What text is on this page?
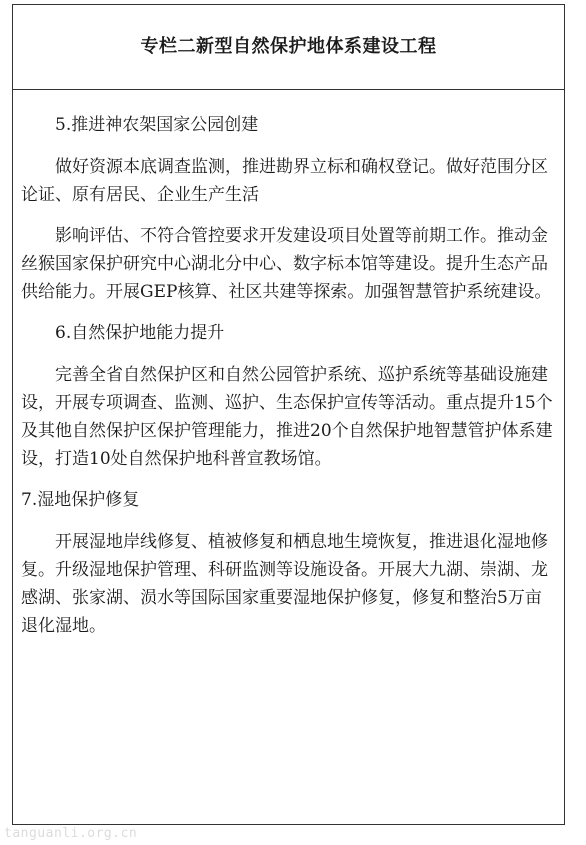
专栏二新型自然保护地体系建设工程

5.推进神农架国家公园创建

做好资源本底调查监测，推进勘界立标和确权登记。做好范围分区论证、原有居民、企业生产生活

影响评估、不符合管控要求开发建设项目处置等前期工作。推动金丝猴国家保护研究中心湖北分中心、数字标本馆等建设。提升生态产品供给能力。开展GEP核算、社区共建等探索。加强智慧管护系统建设。

6.自然保护地能力提升

完善全省自然保护区和自然公园管护系统、巡护系统等基础设施建设，开展专项调查、监测、巡护、生态保护宣传等活动。重点提升15个及其他自然保护区保护管理能力，推进20个自然保护地智慧管护体系建设，打造10处自然保护地科普宣教场馆。

7.湿地保护修复

开展湿地岸线修复、植被修复和栖息地生境恢复，推进退化湿地修复。升级湿地保护管理、科研监测等设施设备。开展大九湖、崇湖、龙感湖、张家湖、涢水等国际国家重要湿地保护修复，修复和整治5万亩退化湿地。

tanguanli.org.cn
